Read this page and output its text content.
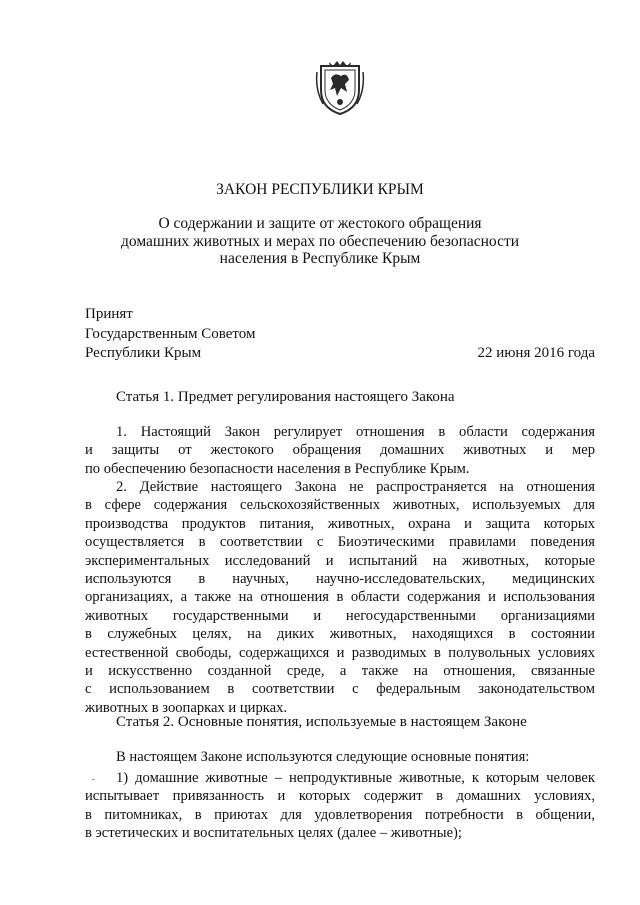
ЗАКОН РЕСПУБЛИКИ КРЫМ
О содержании и защите от жестокого обращения
домашних животных и мерах по обеспечению безопасности
населения в Республике Крым
Принят
Государственным Советом
Республики Крым	22 июня 2016 года
Статья 1. Предмет регулирования настоящего Закона
1. Настоящий Закон регулирует отношения в области содержания
и защиты от жестокого обращения домашних животных и мер
по обеспечению безопасности населения в Республике Крым.
2. Действие настоящего Закона не распространяется на отношения
в сфере содержания сельскохозяйственных животных, используемых для
производства продуктов питания, животных, охрана и защита которых
осуществляется в соответствии с Биоэтическими правилами поведения
экспериментальных исследований и испытаний на животных, которые
используются в научных, научно-исследовательских, медицинских
организациях, а также на отношения в области содержания и использования
животных государственными и негосударственными организациями
в служебных целях, на диких животных, находящихся в состоянии
естественной свободы, содержащихся и разводимых в полувольных условиях
и искусственно созданной среде, а также на отношения, связанные
с использованием в соответствии с федеральным законодательством
животных в зоопарках и цирках.
Статья 2. Основные понятия, используемые в настоящем Законе
В настоящем Законе используются следующие основные понятия:
1) домашние животные – непродуктивные животные, к которым человек
испытывает привязанность и которых содержит в домашних условиях,
в питомниках, в приютах для удовлетворения потребности в общении,
в эстетических и воспитательных целях (далее – животные);
